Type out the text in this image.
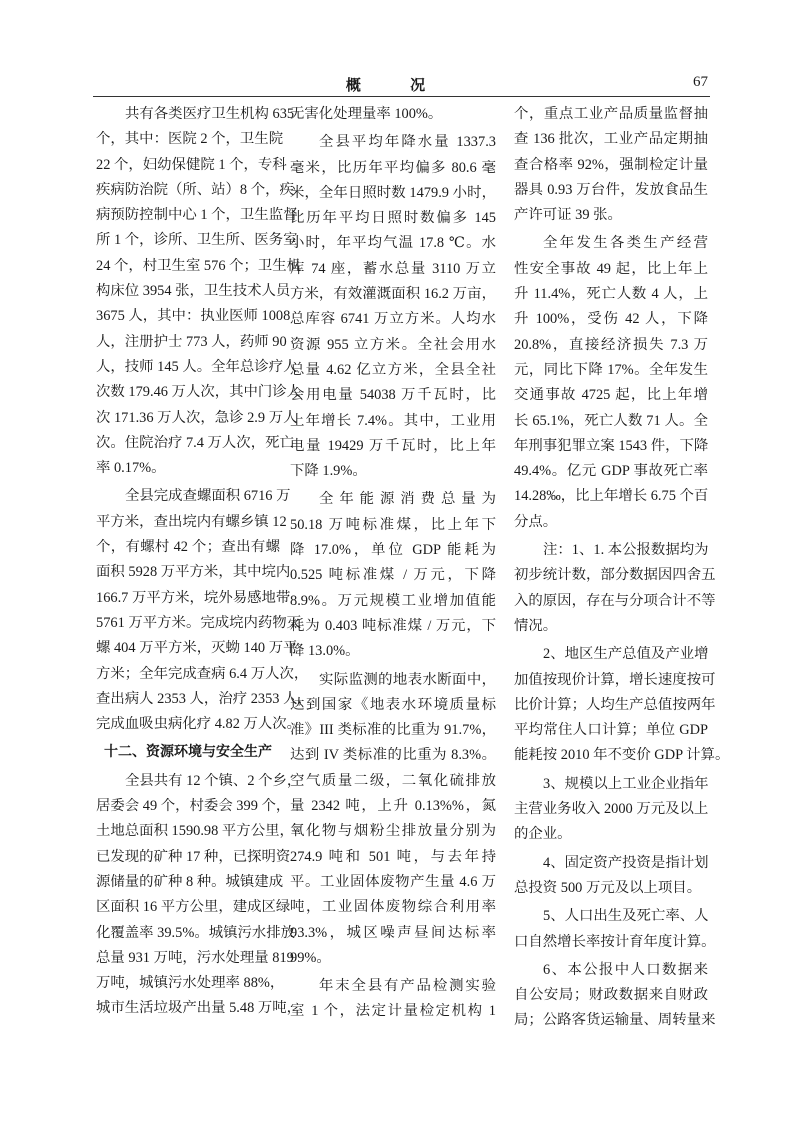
概 况	67
共有各类医疗卫生机构 635
个，其中：医院 2 个，卫生院
22 个，妇幼保健院 1 个，专科
疾病防治院（所、站）8 个，疾
病预防控制中心 1 个，卫生监督
所 1 个，诊所、卫生所、医务室
24 个，村卫生室 576 个；卫生机
构床位 3954 张，卫生技术人员
3675 人，其中：执业医师 1008
人，注册护士 773 人，药师 90
人，技师 145 人。全年总诊疗人
次数 179.46 万人次，其中门诊人
次 171.36 万人次，急诊 2.9 万人
次。住院治疗 7.4 万人次，死亡
率 0.17%。
全县完成查螺面积 6716 万
平方米，查出垸内有螺乡镇 12
个，有螺村 42 个；查出有螺
面积 5928 万平方米，其中垸内
166.7 万平方米，垸外易感地带
5761 万平方米。完成垸内药物灭
螺 404 万平方米，灭蚴 140 万平
方米；全年完成查病 6.4 万人次，
查出病人 2353 人，治疗 2353 人，
完成血吸虫病化疗 4.82 万人次。
十二、资源环境与安全生产
全县共有 12 个镇、2 个乡，
居委会 49 个，村委会 399 个，
土地总面积 1590.98 平方公里，
已发现的矿种 17 种，已探明资
源储量的矿种 8 种。城镇建成
区面积 16 平方公里，建成区绿
化覆盖率 39.5%。城镇污水排放
总量 931 万吨，污水处理量 819
万吨，城镇污水处理率 88%，
城市生活垃圾产出量 5.48 万吨，
无害化处理量率 100%。
全县平均年降水量 1337.3
毫米，比历年平均偏多 80.6 毫
米，全年日照时数 1479.9 小时，
比历年平均日照时数偏多 145
小时，年平均气温 17.8 ℃。水
库 74 座，蓄水总量 3110 万立
方米，有效灌溉面积 16.2 万亩，
总库容 6741 万立方米。人均水
资源 955 立方米。全社会用水
总量 4.62 亿立方米，全县全社
会用电量 54038 万千瓦时，比
上年增长 7.4%。其中，工业用
电量 19429 万千瓦时，比上年
下降 1.9%。
全年能源消费总量为
50.18 万吨标准煤，比上年下
降 17.0%，单位 GDP 能耗为
0.525 吨标准煤 / 万元，下降
8.9%。万元规模工业增加值能
耗为 0.403 吨标准煤 / 万元，下
降 13.0%。
实际监测的地表水断面中，
达到国家《地表水环境质量标
准》III 类标准的比重为 91.7%，
达到 IV 类标准的比重为 8.3%。
空气质量二级，二氧化硫排放
量 2342 吨，上升 0.13%%，氮
氧化物与烟粉尘排放量分别为
274.9 吨和 501 吨，与去年持
平。工业固体废物产生量 4.6 万
吨，工业固体废物综合利用率
93.3%，城区噪声昼间达标率
99%。
年末全县有产品检测实验
室 1 个，法定计量检定机构 1
个，重点工业产品质量监督抽
查 136 批次，工业产品定期抽
查合格率 92%，强制检定计量
器具 0.93 万台件，发放食品生
产许可证 39 张。
全年发生各类生产经营
性安全事故 49 起，比上年上
升 11.4%，死亡人数 4 人，上
升 100%，受伤 42 人，下降
20.8%，直接经济损失 7.3 万
元，同比下降 17%。全年发生
交通事故 4725 起，比上年增
长 65.1%，死亡人数 71 人。全
年刑事犯罪立案 1543 件，下降
49.4%。亿元 GDP 事故死亡率
14.28‰，比上年增长 6.75 个百
分点。
注：1、1. 本公报数据均为
初步统计数，部分数据因四舍五
入的原因，存在与分项合计不等
情况。
2、地区生产总值及产业增
加值按现价计算，增长速度按可
比价计算；人均生产总值按两年
平均常住人口计算；单位 GDP
能耗按 2010 年不变价 GDP 计算。
3、规模以上工业企业指年
主营业务收入 2000 万元及以上
的企业。
4、固定资产投资是指计划
总投资 500 万元及以上项目。
5、人口出生及死亡率、人
口自然增长率按计育年度计算。
6、本公报中人口数据来
自公安局；财政数据来自财政
局；公路客货运输量、周转量来
